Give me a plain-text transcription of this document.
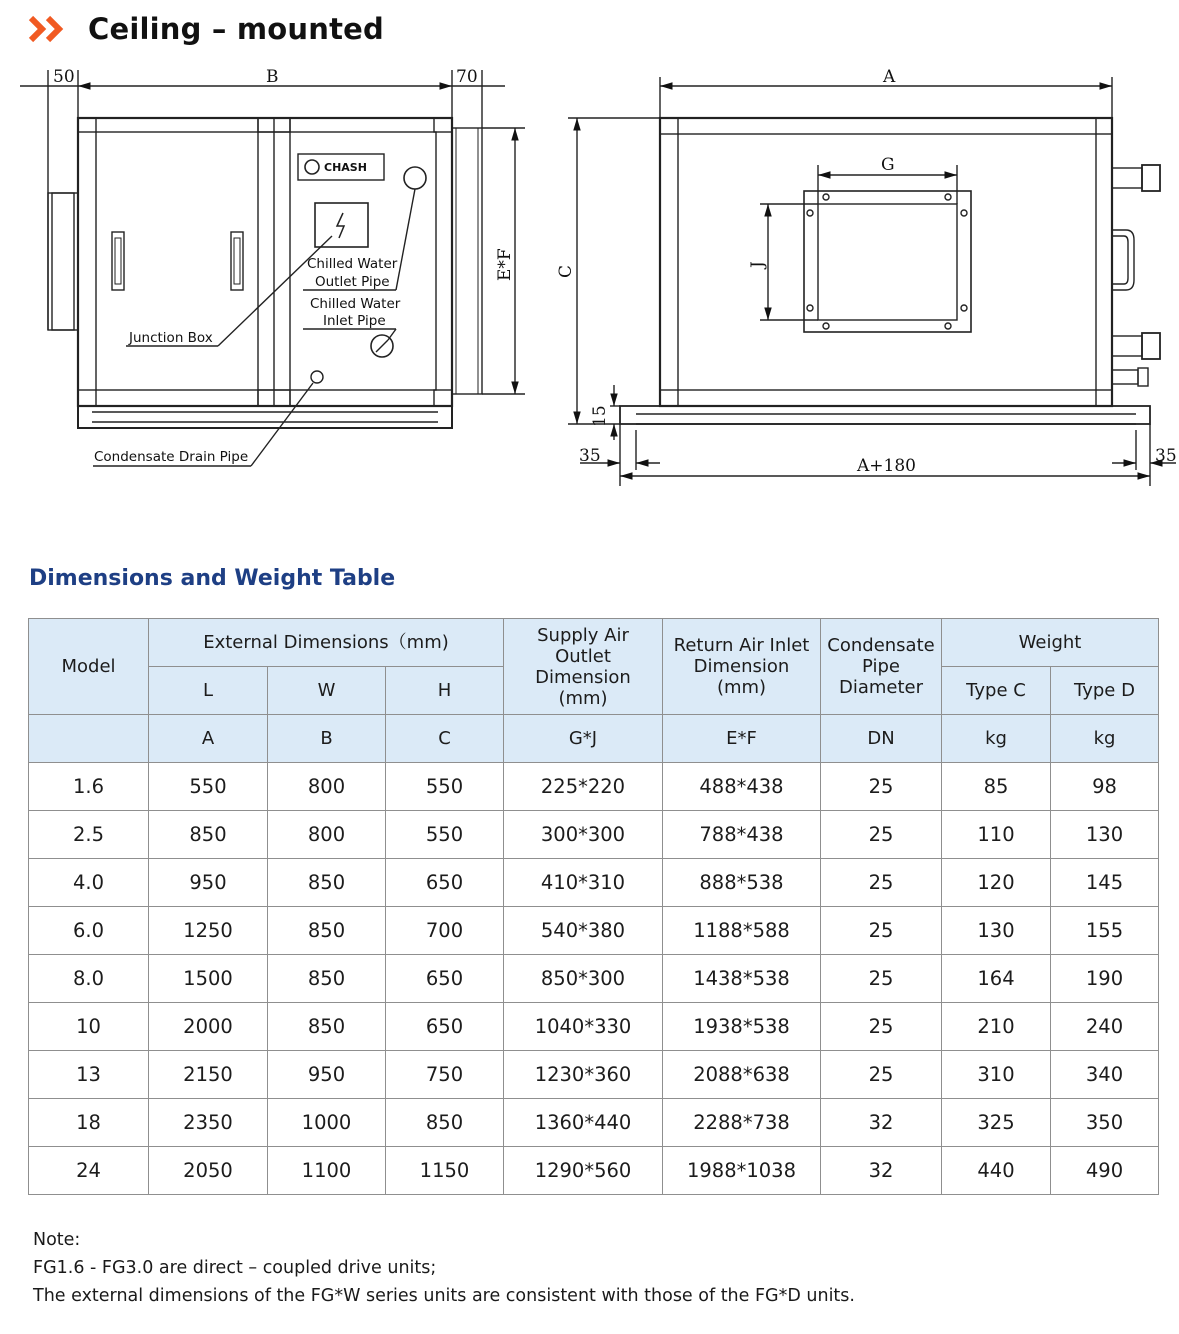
Ceiling – mounted
50	B	70
E*F C
A
G
J
15
35	A+180	35
CHASH
Junction Box
Chilled Water
Outlet Pipe
Chilled Water
Inlet Pipe
Condensate Drain Pipe
Dimensions and Weight Table
Model	External Dimensions（mm)			Supply Air Outlet Dimension (mm)	Return Air Inlet Dimension (mm)	Condensate Pipe Diameter	Weight	
	L	W	H				Type C	Type D
	A	B	C	G*J	E*F	DN	kg	kg
1.6	550	800	550	225*220	488*438	25	85	98
2.5	850	800	550	300*300	788*438	25	110	130
4.0	950	850	650	410*310	888*538	25	120	145
6.0	1250	850	700	540*380	1188*588	25	130	155
8.0	1500	850	650	850*300	1438*538	25	164	190
10	2000	850	650	1040*330	1938*538	25	210	240
13	2150	950	750	1230*360	2088*638	25	310	340
18	2350	1000	850	1360*440	2288*738	32	325	350
24	2050	1100	1150	1290*560	1988*1038	32	440	490
Note:
FG1.6 - FG3.0 are direct – coupled drive units;
The external dimensions of the FG*W series units are consistent with those of the FG*D units.
